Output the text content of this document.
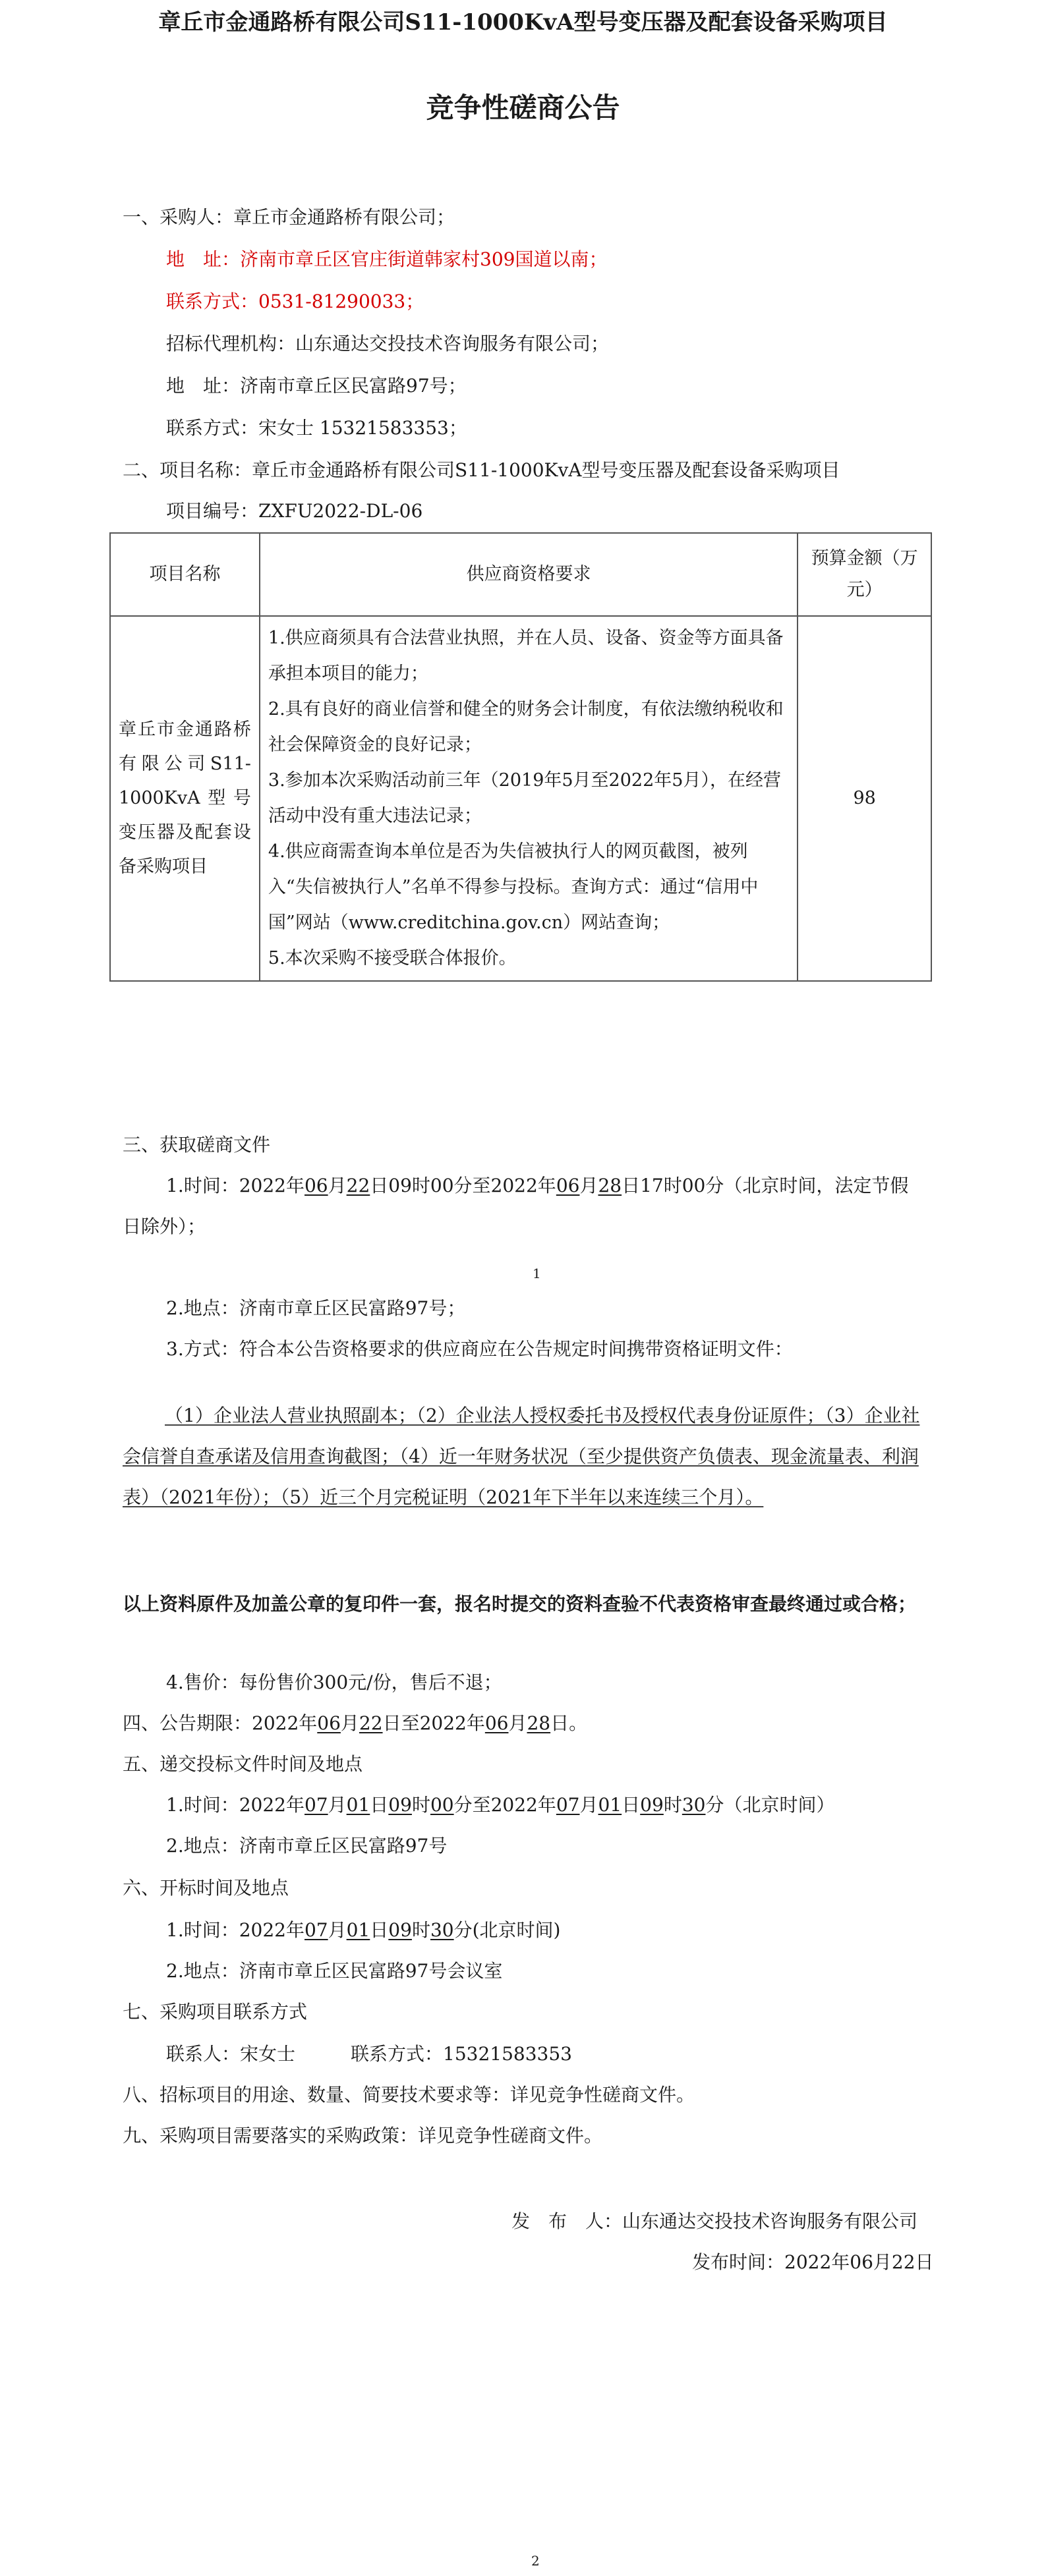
章丘市金通路桥有限公司S11-1000KvA型号变压器及配套设备采购项目
竞争性磋商公告
一、采购人：章丘市金通路桥有限公司；
地　址：济南市章丘区官庄街道韩家村309国道以南；
联系方式：0531-81290033；
招标代理机构：山东通达交投技术咨询服务有限公司；
地　址：济南市章丘区民富路97号；
联系方式：宋女士 15321583353；
二、项目名称：章丘市金通路桥有限公司S11-1000KvA型号变压器及配套设备采购项目
项目编号：ZXFU2022-DL-06
项目名称	供应商资格要求	预算金额（万元）
章丘市金通路桥有限公司S11-1000KvA型号变压器及配套设备采购项目	1.供应商须具有合法营业执照，并在人员、设备、资金等方面具备承担本项目的能力；
2.具有良好的商业信誉和健全的财务会计制度，有依法缴纳税收和社会保障资金的良好记录；
3.参加本次采购活动前三年（2019年5月至2022年5月），在经营活动中没有重大违法记录；
4.供应商需查询本单位是否为失信被执行人的网页截图，被列入“失信被执行人”名单不得参与投标。查询方式：通过“信用中国”网站（www.creditchina.gov.cn）网站查询；
5.本次采购不接受联合体报价。	98
三、获取磋商文件
1.时间：2022年06月22日09时00分至2022年06月28日17时00分（北京时间，法定节假
日除外）；
1
2.地点：济南市章丘区民富路97号；
3.方式：符合本公告资格要求的供应商应在公告规定时间携带资格证明文件：
（1）企业法人营业执照副本；（2）企业法人授权委托书及授权代表身份证原件；（3）企业社会信誉自查承诺及信用查询截图；（4）近一年财务状况（至少提供资产负债表、现金流量表、利润表）（2021年份）；（5）近三个月完税证明（2021年下半年以来连续三个月）。
以上资料原件及加盖公章的复印件一套，报名时提交的资料查验不代表资格审查最终通过或合格；
4.售价：每份售价300元/份，售后不退；
四、公告期限：2022年06月22日至2022年06月28日。
五、递交投标文件时间及地点
1.时间：2022年07月01日09时00分至2022年07月01日09时30分（北京时间）
2.地点：济南市章丘区民富路97号
六、开标时间及地点
1.时间：2022年07月01日09时30分(北京时间)
2.地点：济南市章丘区民富路97号会议室
七、采购项目联系方式
联系人：宋女士　　　联系方式：15321583353
八、招标项目的用途、数量、简要技术要求等：详见竞争性磋商文件。
九、采购项目需要落实的采购政策：详见竞争性磋商文件。
发　布　人：山东通达交投技术咨询服务有限公司
发布时间：2022年06月22日
2
